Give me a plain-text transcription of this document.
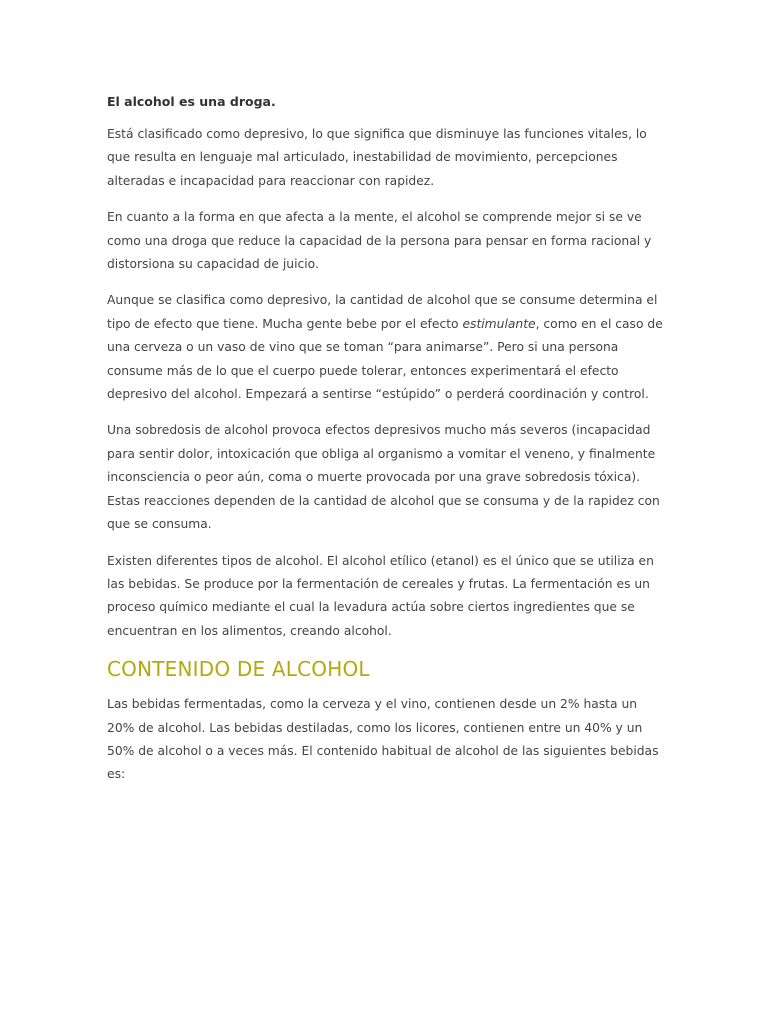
El alcohol es una droga.

Está clasificado como depresivo, lo que significa que disminuye las funciones vitales, lo que resulta en lenguaje mal articulado, inestabilidad de movimiento, percepciones alteradas e incapacidad para reaccionar con rapidez.

En cuanto a la forma en que afecta a la mente, el alcohol se comprende mejor si se ve como una droga que reduce la capacidad de la persona para pensar en forma racional y distorsiona su capacidad de juicio.

Aunque se clasifica como depresivo, la cantidad de alcohol que se consume determina el tipo de efecto que tiene. Mucha gente bebe por el efecto estimulante, como en el caso de una cerveza o un vaso de vino que se toman “para animarse”. Pero si una persona consume más de lo que el cuerpo puede tolerar, entonces experimentará el efecto depresivo del alcohol. Empezará a sentirse “estúpido” o perderá coordinación y control.

Una sobredosis de alcohol provoca efectos depresivos mucho más severos (incapacidad para sentir dolor, intoxicación que obliga al organismo a vomitar el veneno, y finalmente inconsciencia o peor aún, coma o muerte provocada por una grave sobredosis tóxica). Estas reacciones dependen de la cantidad de alcohol que se consuma y de la rapidez con que se consuma.

Existen diferentes tipos de alcohol. El alcohol etílico (etanol) es el único que se utiliza en las bebidas. Se produce por la fermentación de cereales y frutas. La fermentación es un proceso químico mediante el cual la levadura actúa sobre ciertos ingredientes que se encuentran en los alimentos, creando alcohol.

CONTENIDO DE ALCOHOL

Las bebidas fermentadas, como la cerveza y el vino, contienen desde un 2% hasta un 20% de alcohol. Las bebidas destiladas, como los licores, contienen entre un 40% y un 50% de alcohol o a veces más. El contenido habitual de alcohol de las siguientes bebidas es:
